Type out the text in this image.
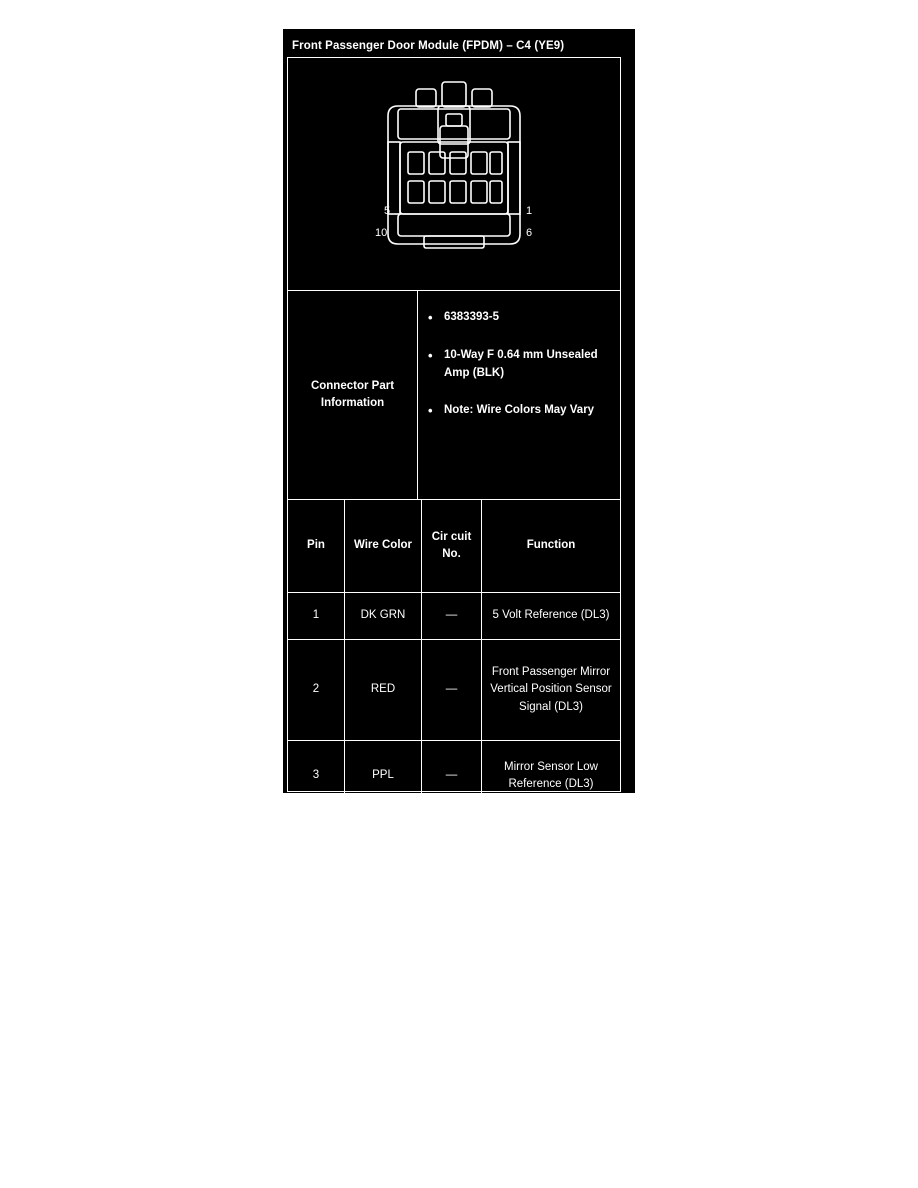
Front Passenger Door Module (FPDM) – C4 (YE9)
5
10
1
6
Connector Part Information
• 6383393-5
• 10-Way F 0.64 mm Unsealed Amp (BLK)
• Note: Wire Colors May Vary
Pin	Wire Color	Cir cuit No.	Function
1	DK GRN	—	5 Volt Reference (DL3)
2	RED	—	Front Passenger Mirror Vertical Position Sensor Signal (DL3)
3	PPL	—	Mirror Sensor Low Reference (DL3)
